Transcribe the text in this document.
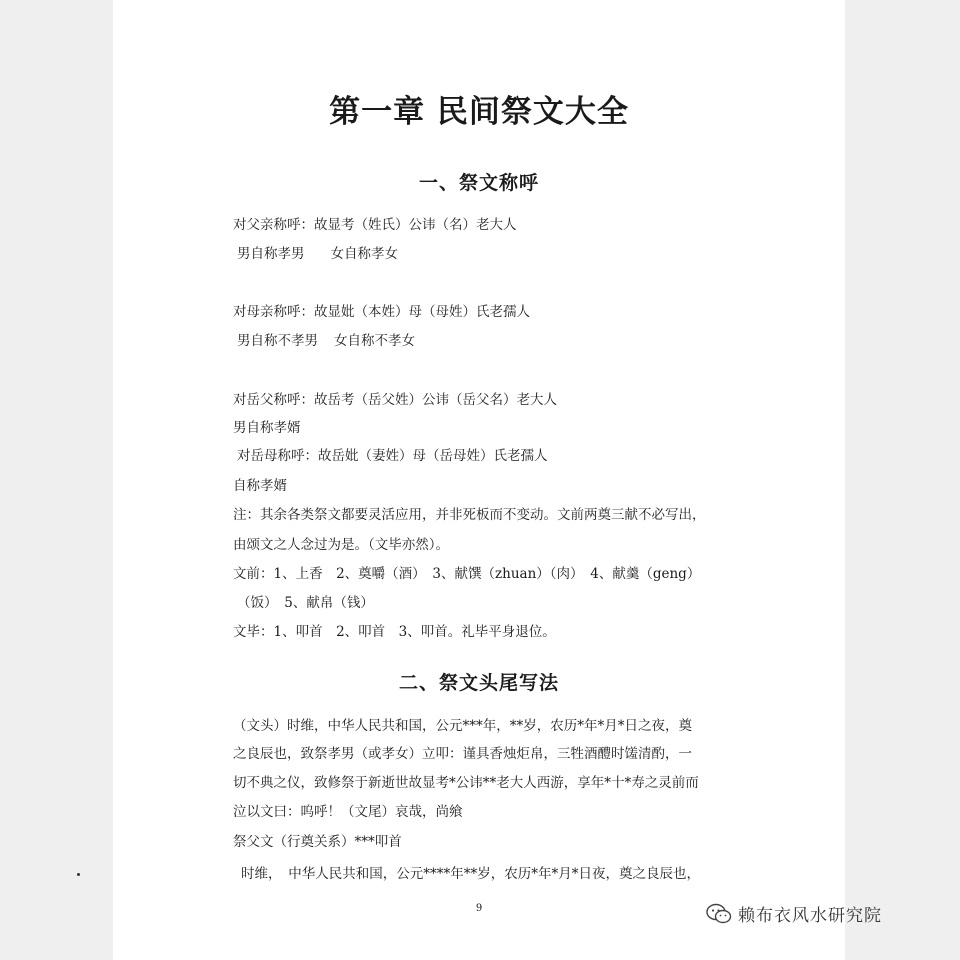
第一章 民间祭文大全
一、祭文称呼
对父亲称呼：故显考（姓氏）公讳（名）老大人
男自称孝男 女自称孝女
对母亲称呼：故显妣（本姓）母（母姓）氏老孺人
男自称不孝男 女自称不孝女
对岳父称呼：故岳考（岳父姓）公讳（岳父名）老大人
男自称孝婿
对岳母称呼：故岳妣（妻姓）母（岳母姓）氏老孺人
自称孝婿
注：其余各类祭文都要灵活应用，并非死板而不变动。文前两奠三献不必写出，
由颂文之人念过为是。（文毕亦然）。
文前：1、上香　2、奠嚼（酒）　3、献馔（zhuan）（肉）　4、献羹（geng）
（饭）　5、献帛（钱）
文毕：1、叩首　2、叩首　3、叩首。礼毕平身退位。
二、祭文头尾写法
（文头）时维，中华人民共和国，公元***年，**岁，农历*年*月*日之夜，奠
之良辰也，致祭孝男（或孝女）立叩：谨具香烛炬帛，三牲酒醴时馐清酌，一
切不典之仪，致修祭于新逝世故显考*公讳**老大人西游，享年*十*寿之灵前而
泣以文曰：呜呼！（文尾）哀哉，尚飨
祭父文（行奠关系）***叩首
时维，　中华人民共和国，公元****年**岁，农历*年*月*日夜，奠之良辰也，
9	赖布衣风水研究院
